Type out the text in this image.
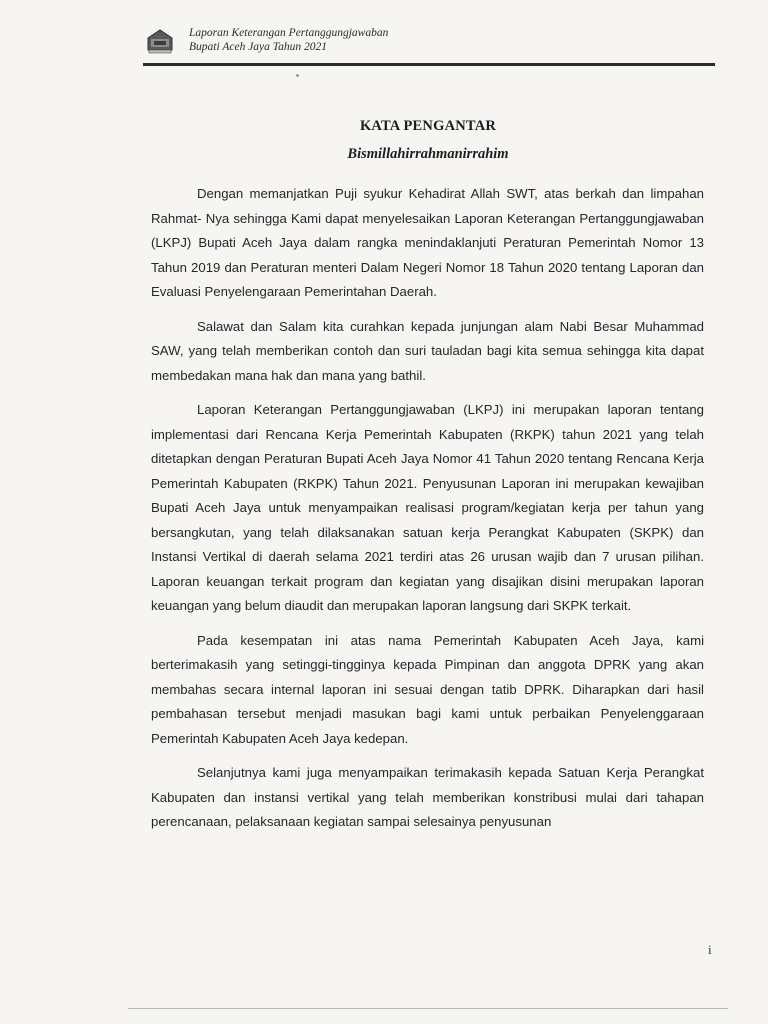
Laporan Keterangan Pertanggungjawaban
Bupati Aceh Jaya Tahun 2021
KATA PENGANTAR
Bismillahirrahmanirrahim

Dengan memanjatkan Puji syukur Kehadirat Allah SWT, atas berkah dan limpahan Rahmat- Nya sehingga Kami dapat menyelesaikan Laporan Keterangan Pertanggungjawaban (LKPJ) Bupati Aceh Jaya dalam rangka menindaklanjuti Peraturan Pemerintah Nomor 13 Tahun 2019 dan Peraturan menteri Dalam Negeri Nomor 18 Tahun 2020 tentang Laporan dan Evaluasi Penyelengaraan Pemerintahan Daerah.

Salawat dan Salam kita curahkan kepada junjungan alam Nabi Besar Muhammad SAW, yang telah memberikan contoh dan suri tauladan bagi kita semua sehingga kita dapat membedakan mana hak dan mana yang bathil.

Laporan Keterangan Pertanggungjawaban (LKPJ) ini merupakan laporan tentang implementasi dari Rencana Kerja Pemerintah Kabupaten (RKPK) tahun 2021 yang telah ditetapkan dengan Peraturan Bupati Aceh Jaya Nomor 41 Tahun 2020 tentang Rencana Kerja Pemerintah Kabupaten (RKPK) Tahun 2021. Penyusunan Laporan ini merupakan kewajiban Bupati Aceh Jaya untuk menyampaikan realisasi program/kegiatan kerja per tahun yang bersangkutan, yang telah dilaksanakan satuan kerja Perangkat Kabupaten (SKPK) dan Instansi Vertikal di daerah selama 2021 terdiri atas 26 urusan wajib dan 7 urusan pilihan. Laporan keuangan terkait program dan kegiatan yang disajikan disini merupakan laporan keuangan yang belum diaudit dan merupakan laporan langsung dari SKPK terkait.

Pada kesempatan ini atas nama Pemerintah Kabupaten Aceh Jaya, kami berterimakasih yang setinggi-tingginya kepada Pimpinan dan anggota DPRK yang akan membahas secara internal laporan ini sesuai dengan tatib DPRK. Diharapkan dari hasil pembahasan tersebut menjadi masukan bagi kami untuk perbaikan Penyelenggaraan Pemerintah Kabupaten Aceh Jaya kedepan.

Selanjutnya kami juga menyampaikan terimakasih kepada Satuan Kerja Perangkat Kabupaten dan instansi vertikal yang telah memberikan konstribusi mulai dari tahapan perencanaan, pelaksanaan kegiatan sampai selesainya penyusunan

i
